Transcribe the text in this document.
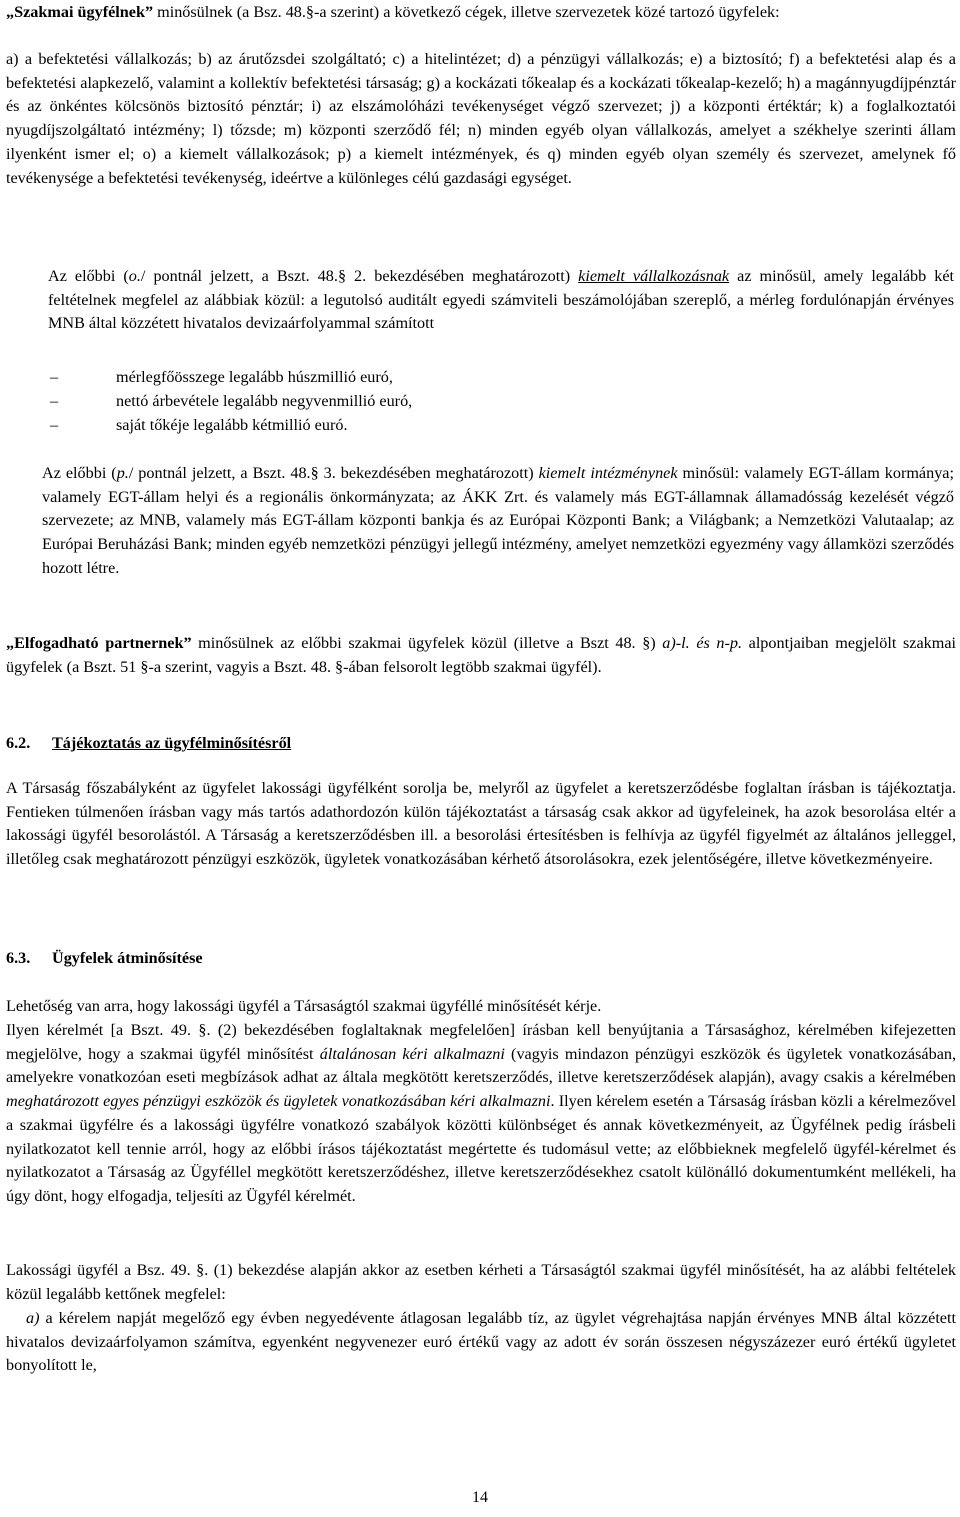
„Szakmai ügyfélnek” minősülnek (a Bsz. 48.§-a szerint) a következő cégek, illetve szervezetek közé tartozó ügyfelek:

a) a befektetési vállalkozás; b) az árutőzsdei szolgáltató; c) a hitelintézet; d) a pénzügyi vállalkozás; e) a biztosító; f) a befektetési alap és a befektetési alapkezelő, valamint a kollektív befektetési társaság; g) a kockázati tőkealap és a kockázati tőkealap-kezelő; h) a magánnyugdíjpénztár és az önkéntes kölcsönös biztosító pénztár; i) az elszámolóházi tevékenységet végző szervezet; j) a központi értéktár; k) a foglalkoztatói nyugdíjszolgáltató intézmény; l) tőzsde; m) központi szerződő fél; n) minden egyéb olyan vállalkozás, amelyet a székhelye szerinti állam ilyenként ismer el; o) a kiemelt vállalkozások; p) a kiemelt intézmények, és q) minden egyéb olyan személy és szervezet, amelynek fő tevékenysége a befektetési tevékenység, ideértve a különleges célú gazdasági egységet.

Az előbbi (o./ pontnál jelzett, a Bszt. 48.§ 2. bekezdésében meghatározott) kiemelt vállalkozásnak az minősül, amely legalább két feltételnek megfelel az alábbiak közül: a legutolsó auditált egyedi számviteli beszámolójában szereplő, a mérleg fordulónapján érvényes MNB által közzétett hivatalos devizaárfolyammal számított

–	mérlegfőösszege legalább húszmillió euró,
–	nettó árbevétele legalább negyvenmillió euró,
–	saját tőkéje legalább kétmillió euró.

Az előbbi (p./ pontnál jelzett, a Bszt. 48.§ 3. bekezdésében meghatározott) kiemelt intézménynek minősül: valamely EGT-állam kormánya; valamely EGT-állam helyi és a regionális önkormányzata; az ÁKK Zrt. és valamely más EGT-államnak államadósság kezelését végző szervezete; az MNB, valamely más EGT-állam központi bankja és az Európai Központi Bank; a Világbank; a Nemzetközi Valutaalap; az Európai Beruházási Bank; minden egyéb nemzetközi pénzügyi jellegű intézmény, amelyet nemzetközi egyezmény vagy államközi szerződés hozott létre.

„Elfogadható partnernek” minősülnek az előbbi szakmai ügyfelek közül (illetve a Bszt 48. §) a)-l. és n-p. alpontjaiban megjelölt szakmai ügyfelek (a Bszt. 51 §-a szerint, vagyis a Bszt. 48. §-ában felsorolt legtöbb szakmai ügyfél).

6.2. Tájékoztatás az ügyfélminősítésről

A Társaság főszabályként az ügyfelet lakossági ügyfélként sorolja be, melyről az ügyfelet a keretszerződésbe foglaltan írásban is tájékoztatja. Fentieken túlmenően írásban vagy más tartós adathordozón külön tájékoztatást a társaság csak akkor ad ügyfeleinek, ha azok besorolása eltér a lakossági ügyfél besorolástól. A Társaság a keretszerződésben ill. a besorolási értesítésben is felhívja az ügyfél figyelmét az általános jelleggel, illetőleg csak meghatározott pénzügyi eszközök, ügyletek vonatkozásában kérhető átsorolásokra, ezek jelentőségére, illetve következményeire.

6.3. Ügyfelek átminősítése

Lehetőség van arra, hogy lakossági ügyfél a Társaságtól szakmai ügyféllé minősítését kérje.

Ilyen kérelmét [a Bszt. 49. §. (2) bekezdésében foglaltaknak megfelelően] írásban kell benyújtania a Társasághoz, kérelmében kifejezetten megjelölve, hogy a szakmai ügyfél minősítést általánosan kéri alkalmazni (vagyis mindazon pénzügyi eszközök és ügyletek vonatkozásában, amelyekre vonatkozóan eseti megbízások adhat az általa megkötött keretszerződés, illetve keretszerződések alapján), avagy csakis a kérelmében meghatározott egyes pénzügyi eszközök és ügyletek vonatkozásában kéri alkalmazni. Ilyen kérelem esetén a Társaság írásban közli a kérelmezővel a szakmai ügyfélre és a lakossági ügyfélre vonatkozó szabályok közötti különbséget és annak következményeit, az Ügyfélnek pedig írásbeli nyilatkozatot kell tennie arról, hogy az előbbi írásos tájékoztatást megértette és tudomásul vette; az előbbieknek megfelelő ügyfél-kérelmet és nyilatkozatot a Társaság az Ügyféllel megkötött keretszerződéshez, illetve keretszerződésekhez csatolt különálló dokumentumként mellékeli, ha úgy dönt, hogy elfogadja, teljesíti az Ügyfél kérelmét.

Lakossági ügyfél a Bsz. 49. §. (1) bekezdése alapján akkor az esetben kérheti a Társaságtól szakmai ügyfél minősítését, ha az alábbi feltételek közül legalább kettőnek megfelel:

a) a kérelem napját megelőző egy évben negyedévente átlagosan legalább tíz, az ügylet végrehajtása napján érvényes MNB által közzétett hivatalos devizaárfolyamon számítva, egyenként negyvenezer euró értékű vagy az adott év során összesen négyszázezer euró értékű ügyletet bonyolított le,

14
